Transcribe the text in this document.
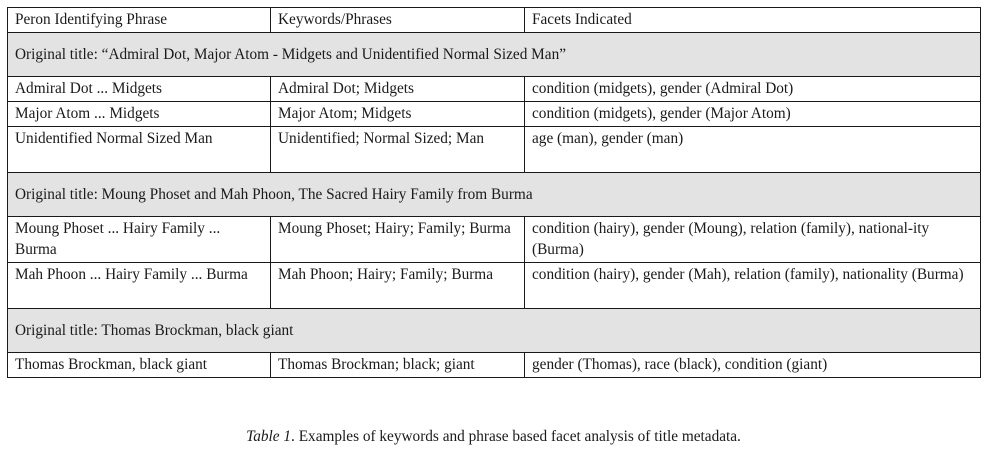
Peron Identifying Phrase	Keywords/Phrases	Facets Indicated
Original title: “Admiral Dot, Major Atom - Midgets and Unidentified Normal Sized Man”		
Admiral Dot ... Midgets	Admiral Dot; Midgets	condition (midgets), gender (Admiral Dot)
Major Atom ... Midgets	Major Atom; Midgets	condition (midgets), gender (Major Atom)
Unidentified Normal Sized Man	Unidentified; Normal Sized; Man	age (man), gender (man)
Original title: Moung Phoset and Mah Phoon, The Sacred Hairy Family from Burma		
Moung Phoset ... Hairy Family ... Burma	Moung Phoset; Hairy; Family; Burma	condition (hairy), gender (Moung), relation (family), national-ity (Burma)
Mah Phoon ... Hairy Family ... Burma	Mah Phoon; Hairy; Family; Burma	condition (hairy), gender (Mah), relation (family), nationality (Burma)
Original title: Thomas Brockman, black giant		
Thomas Brockman, black giant	Thomas Brockman; black; giant	gender (Thomas), race (black), condition (giant)
Table 1. Examples of keywords and phrase based facet analysis of title metadata.
